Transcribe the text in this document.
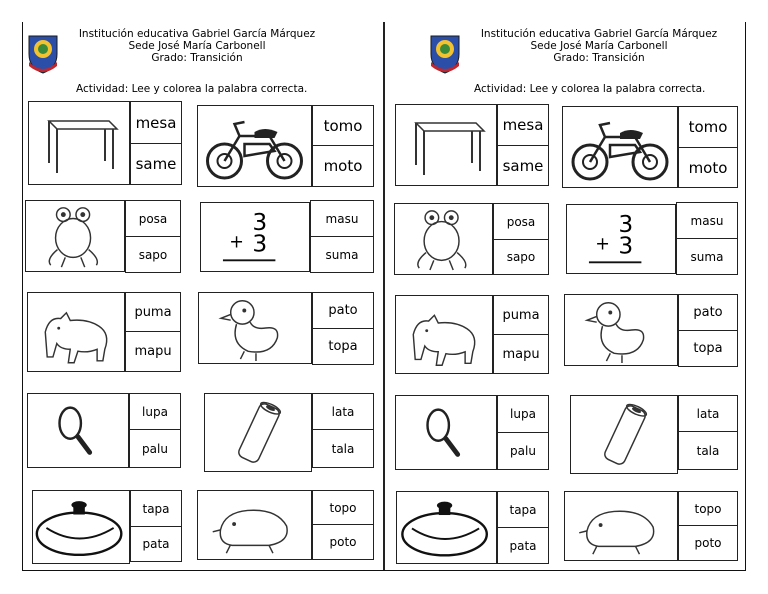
Institución educativa Gabriel García Márquez
Sede José María Carbonell
Grado: Transición
Actividad: Lee y colorea la palabra correcta.
mesa
same
tomo
moto
posa
sapo
3
+ 3
masu
suma
puma
mapu
pato
topa
lupa
palu
lata
tala
tapa
pata
topo
poto
Institución educativa Gabriel García Márquez
Sede José María Carbonell
Grado: Transición
Actividad: Lee y colorea la palabra correcta.
mesa
same
tomo
moto
posa
sapo
3
+ 3
masu
suma
puma
mapu
pato
topa
lupa
palu
lata
tala
tapa
pata
topo
poto
